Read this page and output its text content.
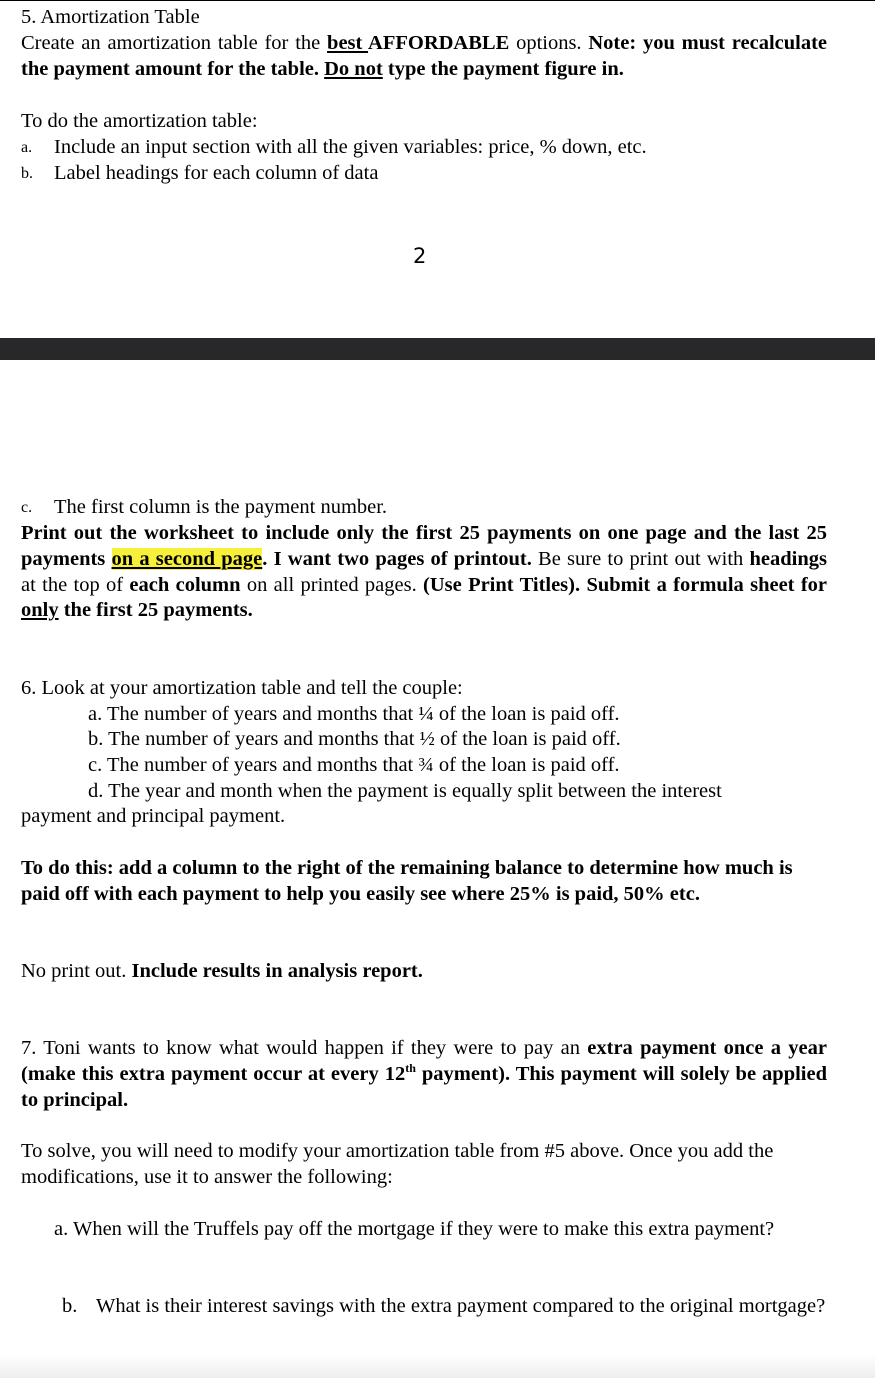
5. Amortization Table
Create an amortization table for the best AFFORDABLE options. Note: you must recalculate the payment amount for the table. Do not type the payment figure in.
To do the amortization table:
a.	Include an input section with all the given variables: price, % down, etc.
b.	Label headings for each column of data
2
c.	The first column is the payment number.
Print out the worksheet to include only the first 25 payments on one page and the last 25 payments on a second page. I want two pages of printout. Be sure to print out with headings at the top of each column on all printed pages. (Use Print Titles). Submit a formula sheet for only the first 25 payments.
6. Look at your amortization table and tell the couple:
a. The number of years and months that ¼ of the loan is paid off.
b. The number of years and months that ½ of the loan is paid off.
c. The number of years and months that ¾ of the loan is paid off.
d. The year and month when the payment is equally split between the interest
payment and principal payment.
To do this: add a column to the right of the remaining balance to determine how much is paid off with each payment to help you easily see where 25% is paid, 50% etc.
No print out. Include results in analysis report.
7. Toni wants to know what would happen if they were to pay an extra payment once a year (make this extra payment occur at every 12th payment). This payment will solely be applied to principal.
To solve, you will need to modify your amortization table from #5 above. Once you add the modifications, use it to answer the following:
a. When will the Truffels pay off the mortgage if they were to make this extra payment?
b. What is their interest savings with the extra payment compared to the original mortgage?
